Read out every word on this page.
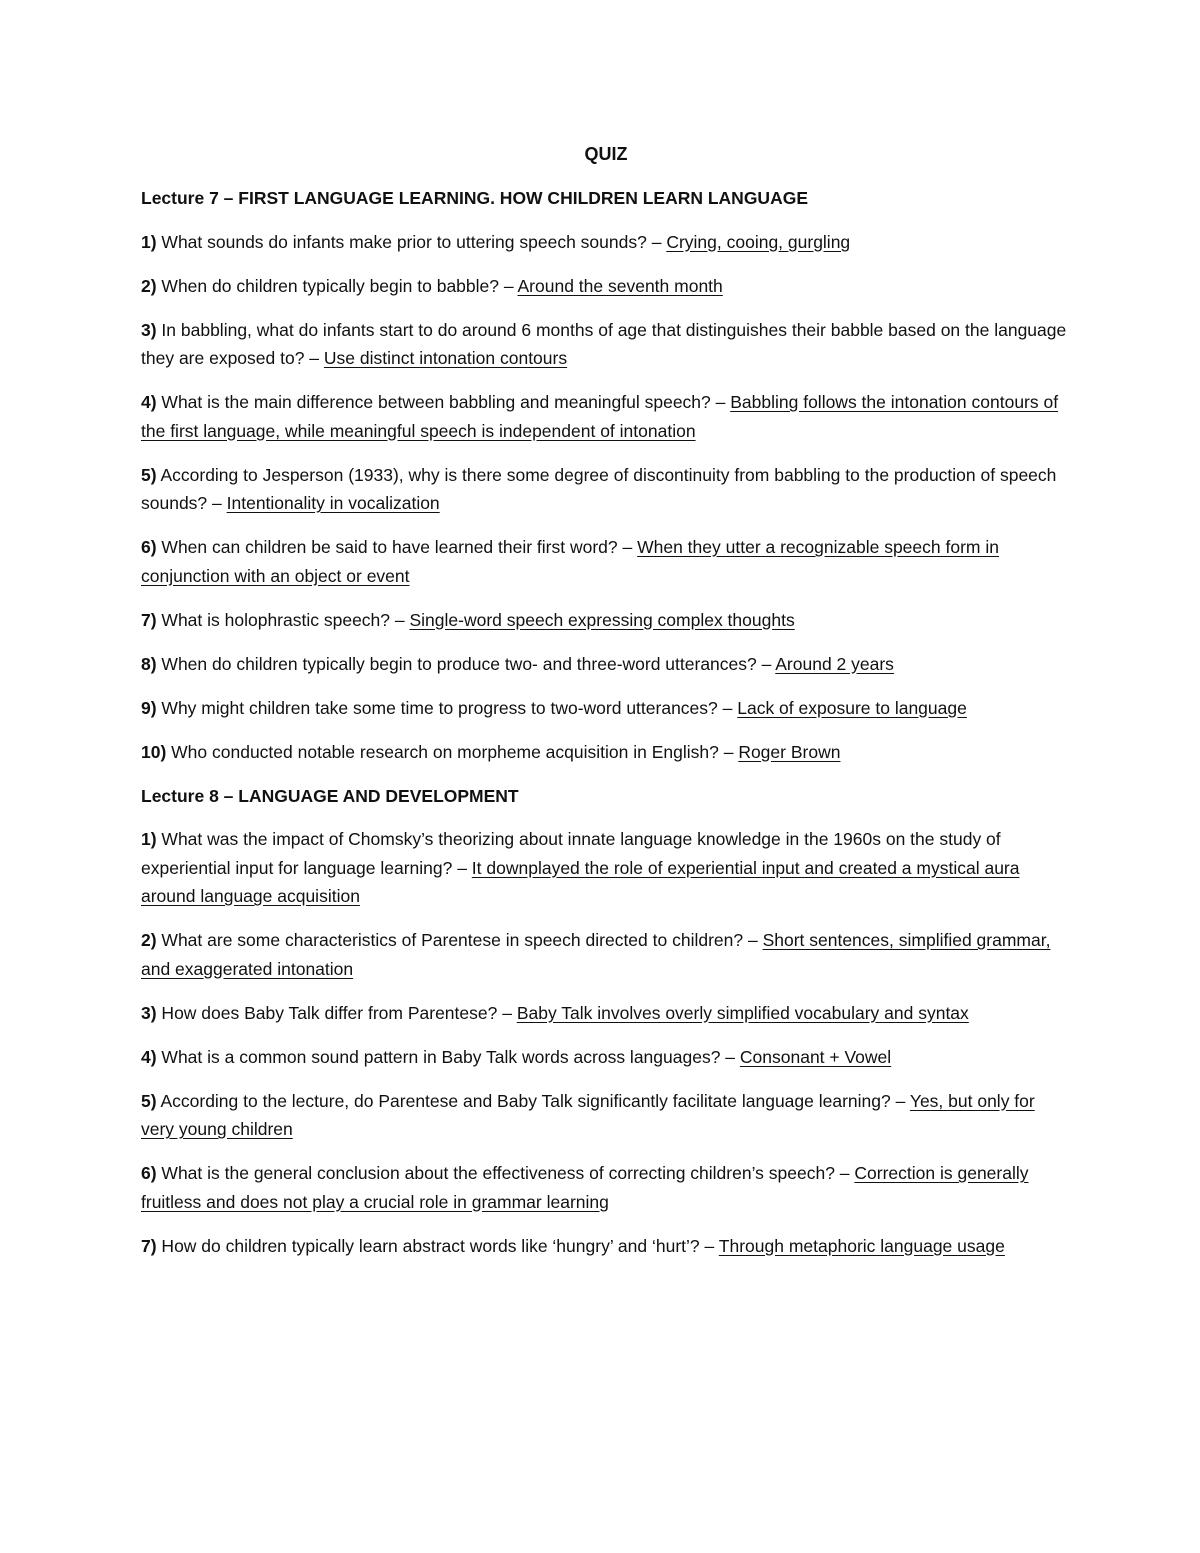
QUIZ
Lecture 7 – FIRST LANGUAGE LEARNING. HOW CHILDREN LEARN LANGUAGE
1) What sounds do infants make prior to uttering speech sounds? – Crying, cooing, gurgling
2) When do children typically begin to babble? – Around the seventh month
3) In babbling, what do infants start to do around 6 months of age that distinguishes their babble based on the language they are exposed to? – Use distinct intonation contours
4) What is the main difference between babbling and meaningful speech? – Babbling follows the intonation contours of the first language, while meaningful speech is independent of intonation
5) According to Jesperson (1933), why is there some degree of discontinuity from babbling to the production of speech sounds? – Intentionality in vocalization
6) When can children be said to have learned their first word? – When they utter a recognizable speech form in conjunction with an object or event
7) What is holophrastic speech? – Single-word speech expressing complex thoughts
8) When do children typically begin to produce two- and three-word utterances? – Around 2 years
9) Why might children take some time to progress to two-word utterances? – Lack of exposure to language
10) Who conducted notable research on morpheme acquisition in English? – Roger Brown
Lecture 8 – LANGUAGE AND DEVELOPMENT
1) What was the impact of Chomsky’s theorizing about innate language knowledge in the 1960s on the study of experiential input for language learning? – It downplayed the role of experiential input and created a mystical aura around language acquisition
2) What are some characteristics of Parentese in speech directed to children? – Short sentences, simplified grammar, and exaggerated intonation
3) How does Baby Talk differ from Parentese? – Baby Talk involves overly simplified vocabulary and syntax
4) What is a common sound pattern in Baby Talk words across languages? – Consonant + Vowel
5) According to the lecture, do Parentese and Baby Talk significantly facilitate language learning? – Yes, but only for very young children
6) What is the general conclusion about the effectiveness of correcting children’s speech? – Correction is generally fruitless and does not play a crucial role in grammar learning
7) How do children typically learn abstract words like ‘hungry’ and ‘hurt’? – Through metaphoric language usage
